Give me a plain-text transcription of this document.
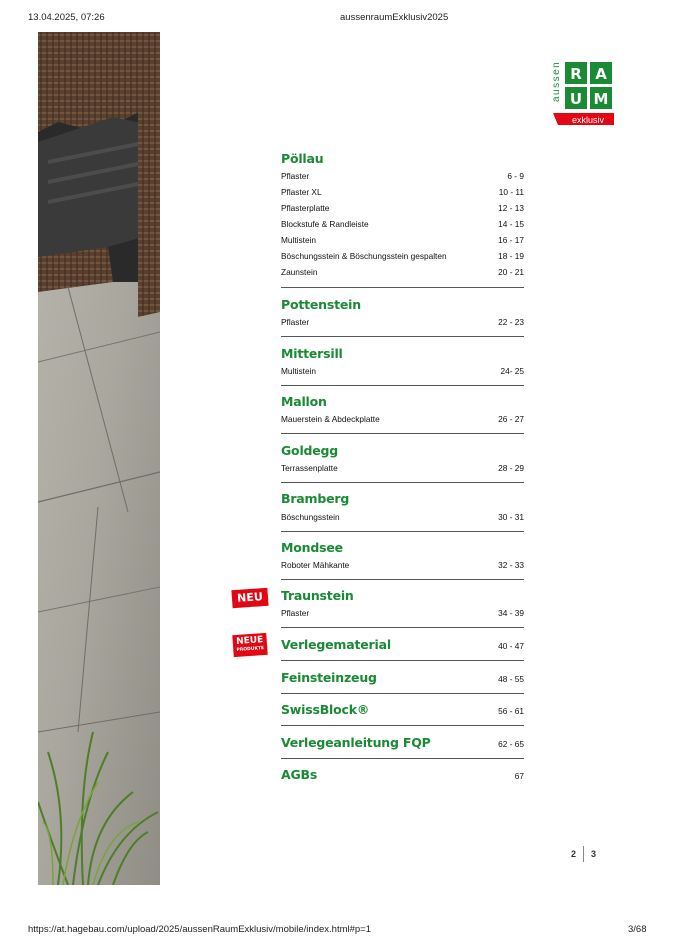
13.04.2025, 07:26	aussenraumExklusiv2025
https://at.hagebau.com/upload/2025/aussenRaumExklusiv/mobile/index.html#p=1	3/68
aussen R A
U M
exklusiv
Pöllau
Pflaster	6 - 9
Pflaster XL	10 - 11
Pflasterplatte	12 - 13
Blockstufe & Randleiste	14 - 15
Multistein	16 - 17
Böschungsstein & Böschungsstein gespalten	18 - 19
Zaunstein	20 - 21
Pottenstein
Pflaster	22 - 23
Mittersill
Multistein	24- 25
Mallon
Mauerstein & Abdeckplatte	26 - 27
Goldegg
Terrassenplatte	28 - 29
Bramberg
Böschungsstein	30 - 31
Mondsee
Roboter Mähkante	32 - 33
NEU	Traunstein
Pflaster	34 - 39
NEUE
PRODUKTE Verlegematerial	40 - 47
Feinsteinzeug	48 - 55
SwissBlock®	56 - 61
Verlegeanleitung FQP	62 - 65
AGBs	67
2 3
